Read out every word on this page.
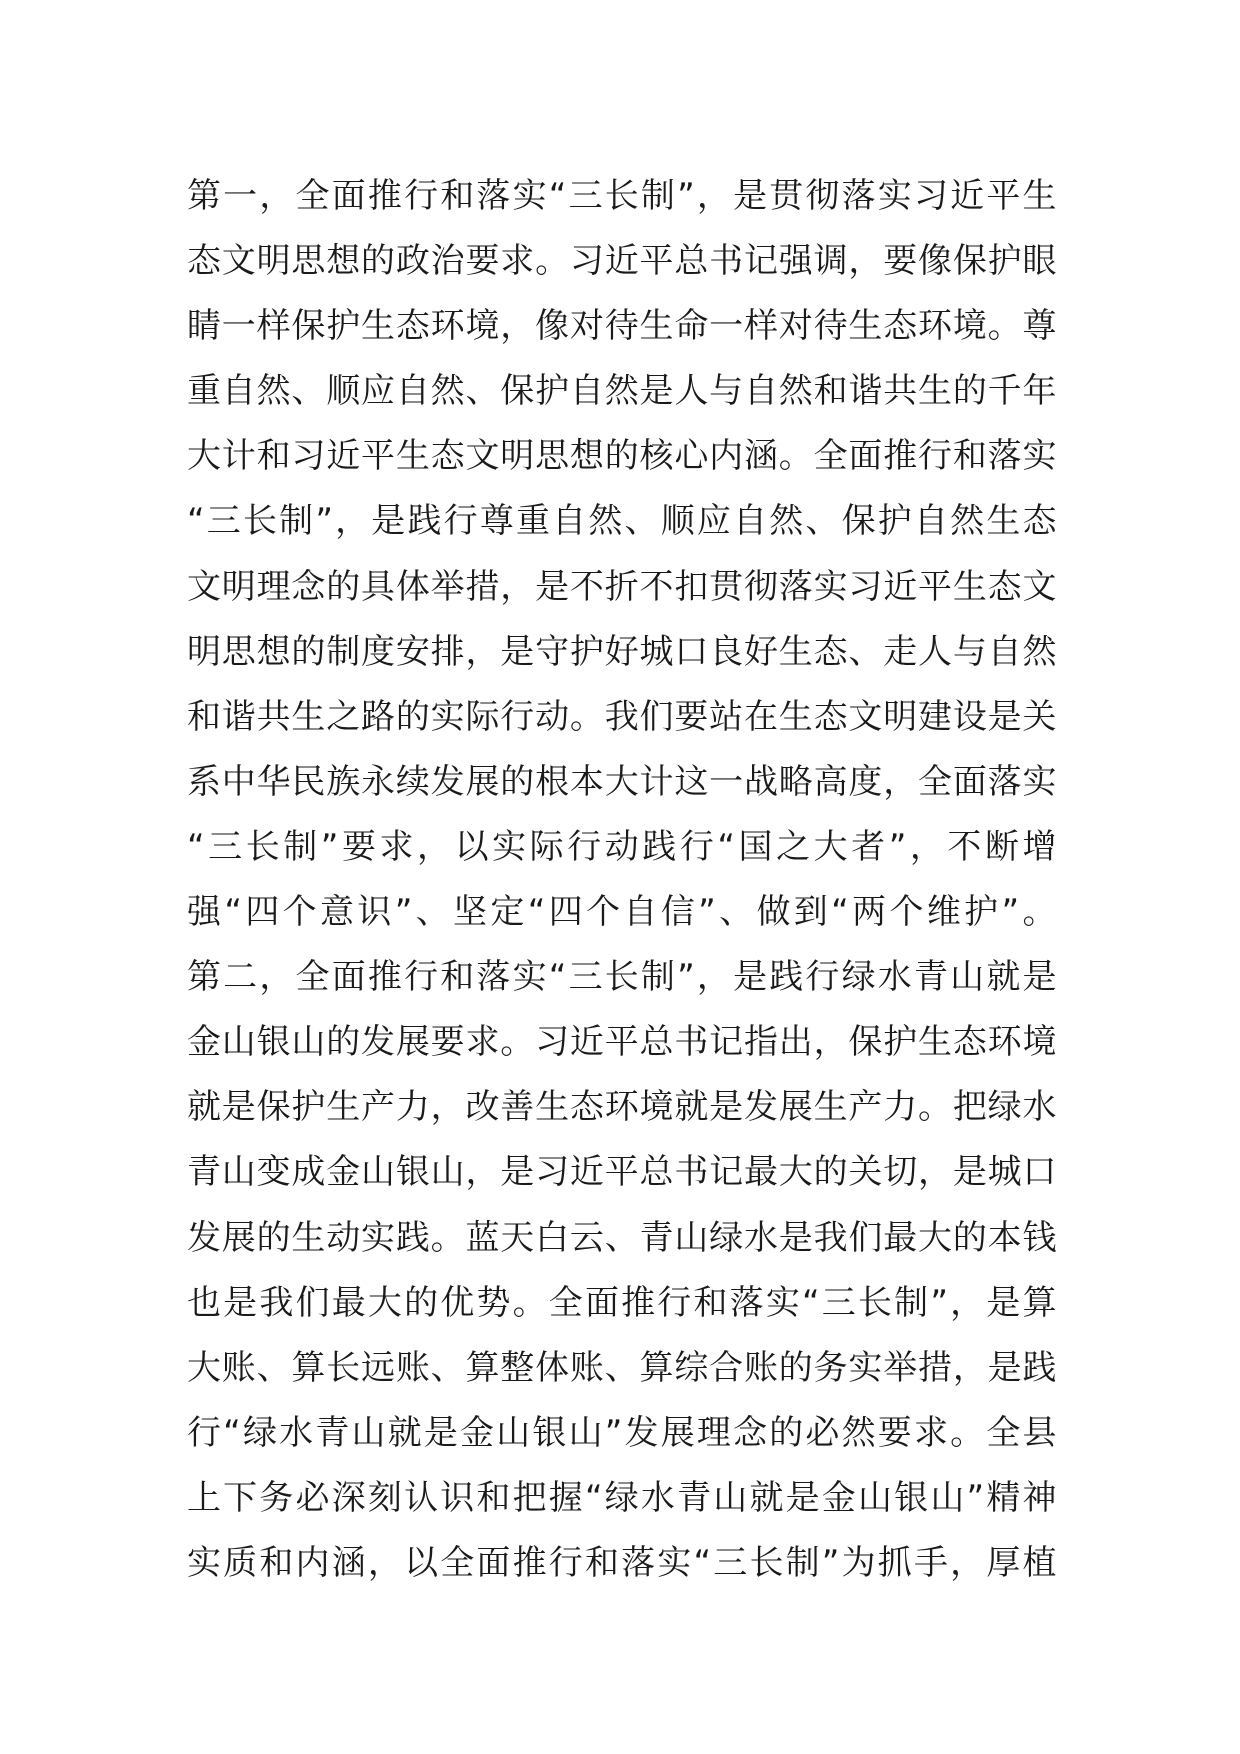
第一，全面推行和落实“三长制”，是贯彻落实习近平生
态文明思想的政治要求。习近平总书记强调，要像保护眼
睛一样保护生态环境，像对待生命一样对待生态环境。尊
重自然、顺应自然、保护自然是人与自然和谐共生的千年
大计和习近平生态文明思想的核心内涵。全面推行和落实
“三长制”，是践行尊重自然、顺应自然、保护自然生态
文明理念的具体举措，是不折不扣贯彻落实习近平生态文
明思想的制度安排，是守护好城口良好生态、走人与自然
和谐共生之路的实际行动。我们要站在生态文明建设是关
系中华民族永续发展的根本大计这一战略高度，全面落实
“三长制”要求，以实际行动践行“国之大者”，不断增
强“四个意识”、坚定“四个自信”、做到“两个维护”。
第二，全面推行和落实“三长制”，是践行绿水青山就是
金山银山的发展要求。习近平总书记指出，保护生态环境
就是保护生产力，改善生态环境就是发展生产力。把绿水
青山变成金山银山，是习近平总书记最大的关切，是城口
发展的生动实践。蓝天白云、青山绿水是我们最大的本钱
也是我们最大的优势。全面推行和落实“三长制”，是算
大账、算长远账、算整体账、算综合账的务实举措，是践
行“绿水青山就是金山银山”发展理念的必然要求。全县
上下务必深刻认识和把握“绿水青山就是金山银山”精神
实质和内涵，以全面推行和落实“三长制”为抓手，厚植
